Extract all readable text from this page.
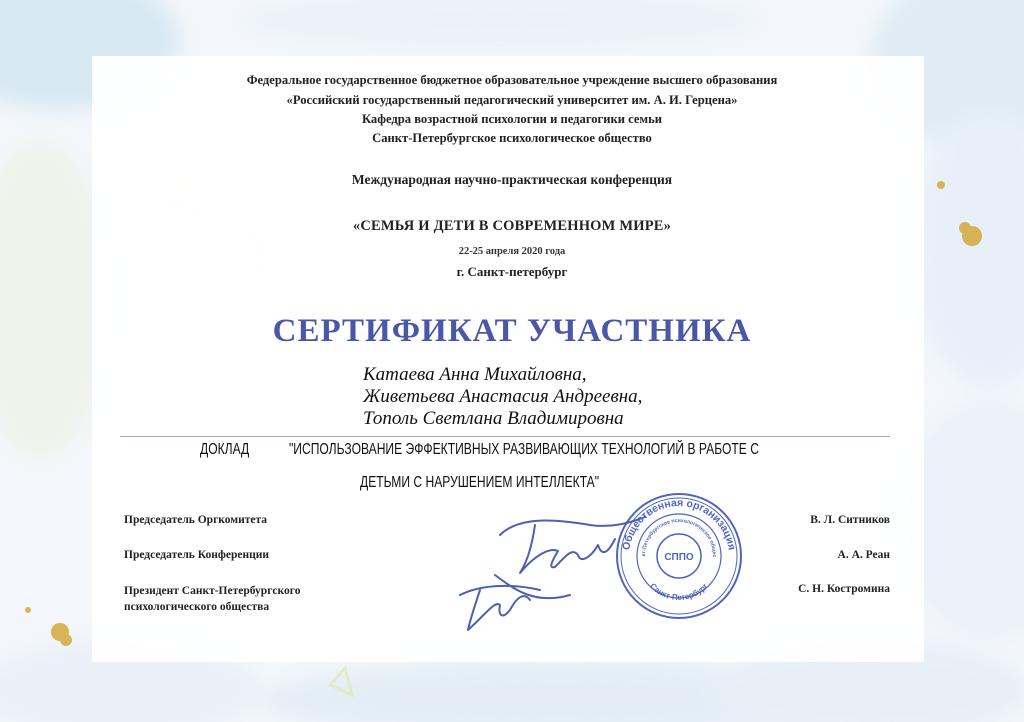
Федеральное государственное бюджетное образовательное учреждение высшего образования
«Российский государственный педагогический университет им. А. И. Герцена»
Кафедра возрастной психологии и педагогики семьи
Санкт-Петербургское психологическое общество
Международная научно-практическая конференция
«СЕМЬЯ И ДЕТИ В СОВРЕМЕННОМ МИРЕ»
22-25 апреля 2020 года
г. Санкт-петербург
СЕРТИФИКАТ УЧАСТНИКА
Катаева Анна Михайловна,
Живетьева Анастасия Андреевна,
Тополь Светлана Владимировна
ДОКЛАД	"ИСПОЛЬЗОВАНИЕ ЭФФЕКТИВНЫХ РАЗВИВАЮЩИХ ТЕХНОЛОГИЙ В РАБОТЕ С
ДЕТЬМИ С НАРУШЕНИЕМ ИНТЕЛЛЕКТА"
Председатель Оргкомитета
Председатель Конференции
Президент Санкт-Петербургского
психологического общества
В. Л. Ситников
А. А. Реан
С. Н. Костромина
Общественная организация
кт-Петербургское психологическое общес
Санкт-Петербург
СППО
